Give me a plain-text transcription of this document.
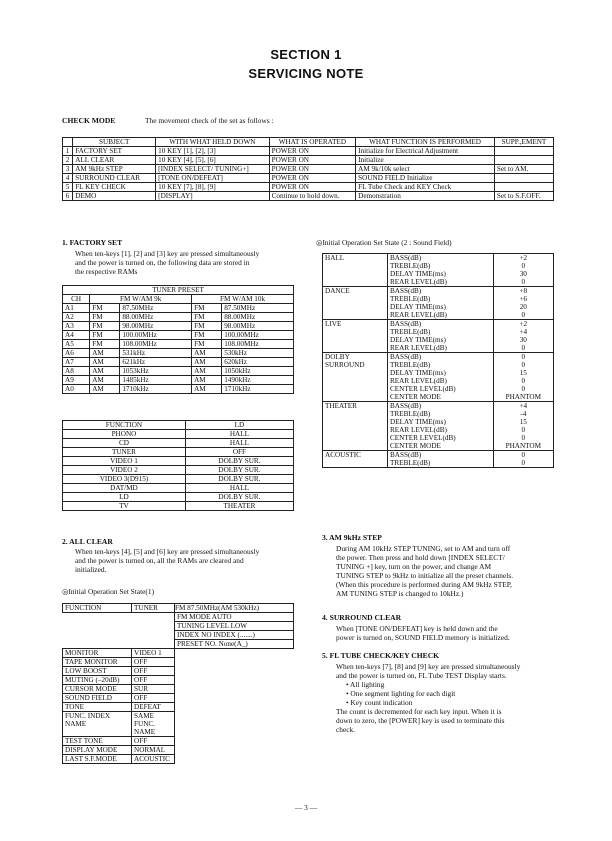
SECTION 1
SERVICING NOTE
CHECK MODE	The movement check of the set as follows :
	SUBJECT	WITH WHAT HELD DOWN	WHAT IS OPERATED	WHAT FUNCTION IS PERFORMED	SUPP.,EMENT
1	FACTORY SET	10 KEY [1], [2], [3]	POWER ON	Initialize for Electrical Adjustment	
2	ALL CLEAR	10 KEY [4], [5], [6]	POWER ON	Initialize	
3	AM 9kHz STEP	[INDEX SELECT/ TUNING+]	POWER ON	AM 9k/10k select	Set to AM.
4	SURROUND CLEAR	[TONE ON/DEFEAT]	POWER ON	SOUND FIELD Initialize	
5	FL KEY CHECK	10 KEY [7], [8], [9]	POWER ON	FL Tube Check and KEY Check	
6	DEMO	[DISPLAY]	Continue to hold down.	Demonstration	Set to S.F.OFF.
1. FACTORY SET
When ten-keys [1], [2] and [3] key are pressed simultaneously
and the power is turned on, the following data are stored in
the respective RAMs
TUNER PRESET				
CH	FM W/AM 9k		FM W/AM 10k	
A1	FM	87.50MHz	FM	87.50MHz
A2	FM	88.00MHz	FM	88.00MHz
A3	FM	98.00MHz	FM	98.00MHz
A4	FM	100.00MHz	FM	100.00MHz
A5	FM	108.00MHz	FM	108.00MHz
A6	AM	531kHz	AM	530kHz
A7	AM	621kHz	AM	620kHz
A8	AM	1053kHz	AM	1050kHz
A9	AM	1485kHz	AM	1490kHz
A0	AM	1710kHz	AM	1710kHz
FUNCTION	LD
PHONO	HALL
CD	HALL
TUNER	OFF
VIDEO 1	DOLBY SUR.
VIDEO 2	DOLBY SUR.
VIDEO 3(D915)	DOLBY SUR.
DAT/MD	HALL
LD	DOLBY SUR.
TV	THEATER
◎Initial Operation Set State (2 : Sound Field)
HALL	BASS(dB)	+2
	TREBLE(dB)	0
	DELAY TIME(ms)	30
	REAR LEVEL(dB)	0
DANCE	BASS(dB)	+8
	TREBLE(dB)	+6
	DELAY TIME(ms)	20
	REAR LEVEL(dB)	0
LIVE	BASS(dB)	+2
	TREBLE(dB)	+4
	DELAY TIME(ms)	30
	REAR LEVEL(dB)	0
DOLBY SURROUND	BASS(dB)	0
	TREBLE(dB)	0
	DELAY TIME(ms)	15
	REAR LEVEL(dB)	0
	CENTER LEVEL(dB)	0
	CENTER MODE	PHANTOM
THEATER	BASS(dB)	+4
	TREBLE(dB)	-4
	DELAY TIME(ms)	15
	REAR LEVEL(dB)	0
	CENTER LEVEL(dB)	0
	CENTER MODE	PHANTOM
ACOUSTIC	BASS(dB)	0
	TREBLE(dB)	0
2. ALL CLEAR
When ten-keys [4], [5] and [6] key are pressed simultaneously
and the power is turned on, all the RAMs are cleared and
initialized.
◎Initial Operation Set State(1)
FUNCTION	TUNER	FM 87.50MHz(AM 530kHz)

		FM MODE AUTO
		TUNING LEVEL LOW
		INDEX NO INDEX (.......)
		PRESET NO. None(A_)
MONITOR	VIDEO 1	
TAPE MONITOR	OFF	
LOW BOOST	OFF	
MUTING (–20dB)	OFF	
CURSOR MODE	SUR	
SOUND FIELD	OFF	
TONE	DEFEAT	
FUNC. INDEX NAME	SAME FUNC. NAME	
TEST TONE	OFF	
DISPLAY MODE	NORMAL	
LAST S.F.MODE	ACOUSTIC	
3. AM 9kHz STEP
During AM 10kHz STEP TUNING, set to AM and turn off
the power. Then press and hold down [INDEX SELECT/
TUNING +] key, turn on the power, and change AM
TUNING STEP to 9kHz to initialize all the preset channels.
(When this procedure is performed during AM 9kHz STEP,
AM TUNING STEP is changed to 10kHz.)
4. SURROUND CLEAR
When [TONE ON/DEFEAT] key is held down and the
power is turned on, SOUND FIELD memory is initialized.
5. FL TUBE CHECK/KEY CHECK
When ten-keys [7], [8] and [9] key are pressed simultaneously
and the power is turned on, FL Tube TEST Display starts.
• All lighting
• One segment lighting for each digit
• Key count indication
The count is decremented for each key input. When it is
down to zero, the [POWER] key is used to terminate this
check.
— 3 —
